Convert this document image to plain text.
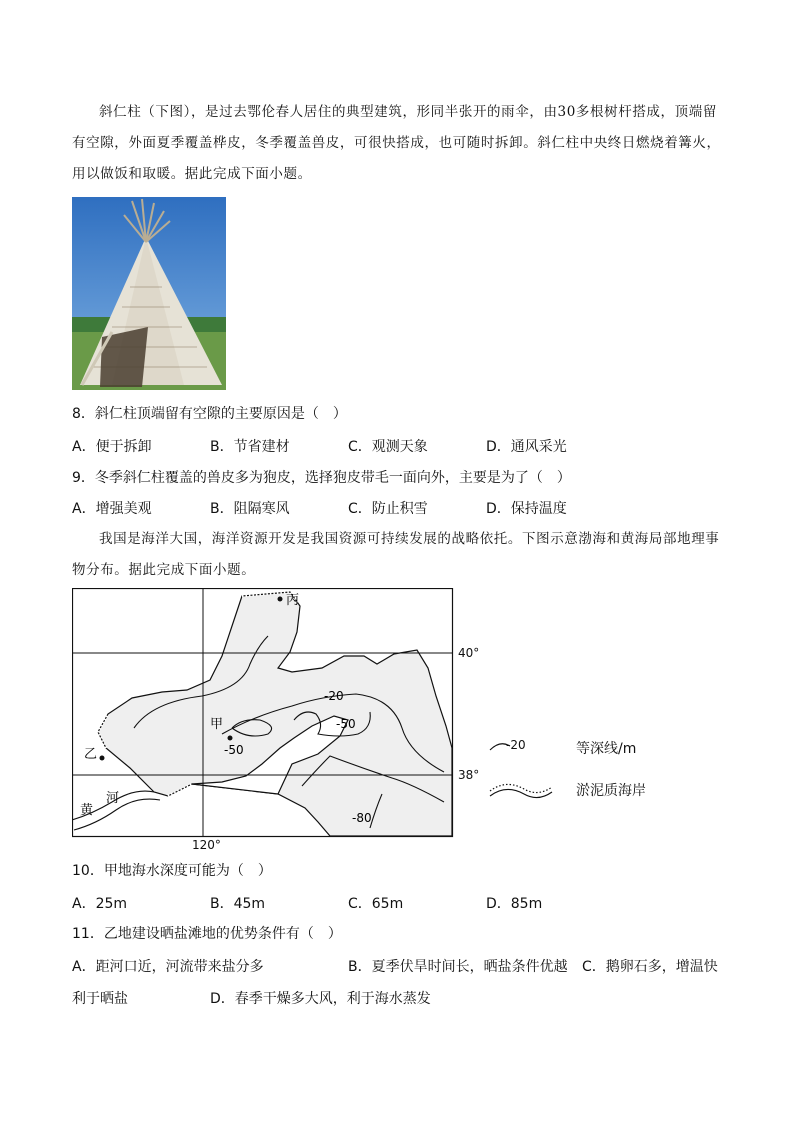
斜仁柱（下图），是过去鄂伦春人居住的典型建筑，形同半张开的雨伞，由30多根树杆搭成，顶端留有空隙，外面夏季覆盖桦皮，冬季覆盖兽皮，可很快搭成，也可随时拆卸。斜仁柱中央终日燃烧着篝火，用以做饭和取暖。据此完成下面小题。

8．斜仁柱顶端留有空隙的主要原因是（　）

A．便于拆卸	B．节省建材	C．观测天象	D．通风采光

9．冬季斜仁柱覆盖的兽皮多为狍皮，选择狍皮带毛一面向外，主要是为了（　）

A．增强美观	B．阻隔寒风	C．防止积雪	D．保持温度

我国是海洋大国，海洋资源开发是我国资源可持续发展的战略依托。下图示意渤海和黄海局部地理事物分布。据此完成下面小题。

丙
甲
乙
黄
河
-20
-50
-50
-80
40°
38°
120°
-20	等深线/m
淤泥质海岸

10．甲地海水深度可能为（　）

A．25m	B．45m	C．65m	D．85m

11．乙地建设晒盐滩地的优势条件有（　）

A．距河口近，河流带来盐分多	B．夏季伏旱时间长，晒盐条件优越 C．鹅卵石多，增温快
利于晒盐	D．春季干燥多大风，利于海水蒸发
